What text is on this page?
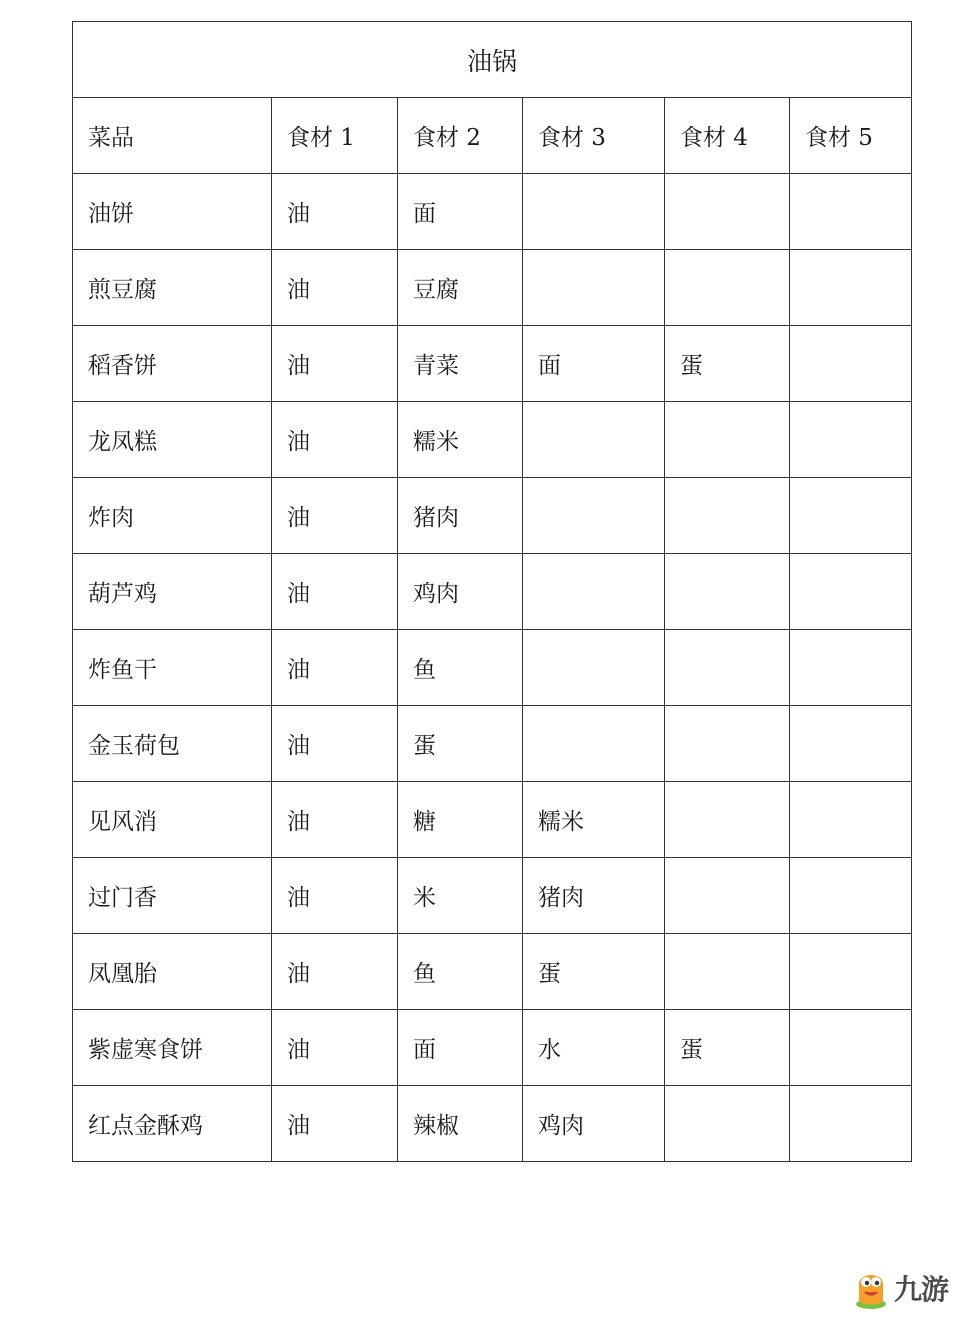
油锅					
菜品	食材 1	食材 2	食材 3	食材 4	食材 5
油饼	油	面			
煎豆腐	油	豆腐			
稻香饼	油	青菜	面	蛋	
龙凤糕	油	糯米			
炸肉	油	猪肉			
葫芦鸡	油	鸡肉			
炸鱼干	油	鱼			
金玉荷包	油	蛋			
见风消	油	糖	糯米		
过门香	油	米	猪肉		
凤凰胎	油	鱼	蛋		
紫虚寒食饼	油	面	水	蛋	
红点金酥鸡	油	辣椒	鸡肉		
九游
